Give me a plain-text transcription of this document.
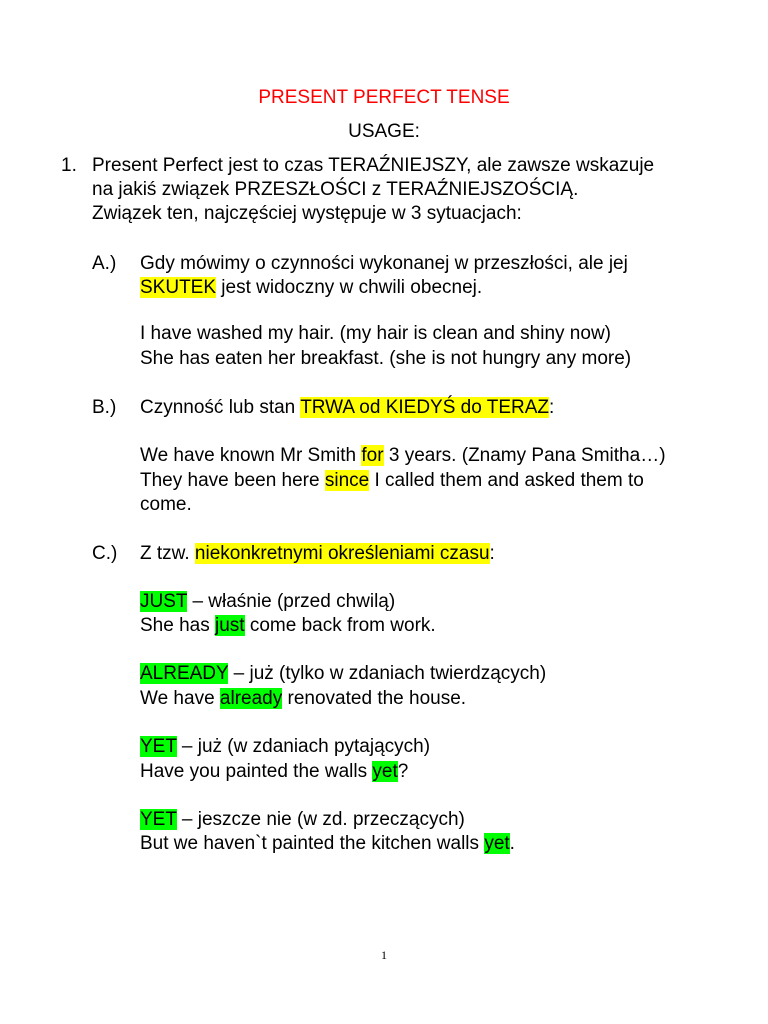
PRESENT PERFECT TENSE
USAGE:
1. Present Perfect jest to czas TERAŹNIEJSZY, ale zawsze wskazuje
na jakiś związek PRZESZŁOŚCI z TERAŹNIEJSZOŚCIĄ.
Związek ten, najczęściej występuje w 3 sytuacjach:
A.) Gdy mówimy o czynności wykonanej w przeszłości, ale jej
SKUTEK jest widoczny w chwili obecnej.
I have washed my hair. (my hair is clean and shiny now)
She has eaten her breakfast. (she is not hungry any more)
B.) Czynność lub stan TRWA od KIEDYŚ do TERAZ:
We have known Mr Smith for 3 years. (Znamy Pana Smitha…)
They have been here since I called them and asked them to
come.
C.) Z tzw. niekonkretnymi określeniami czasu:
JUST – właśnie (przed chwilą)
She has just come back from work.
ALREADY – już (tylko w zdaniach twierdzących)
We have already renovated the house.
YET – już (w zdaniach pytających)
Have you painted the walls yet?
YET – jeszcze nie (w zd. przeczących)
But we haven`t painted the kitchen walls yet.
1
